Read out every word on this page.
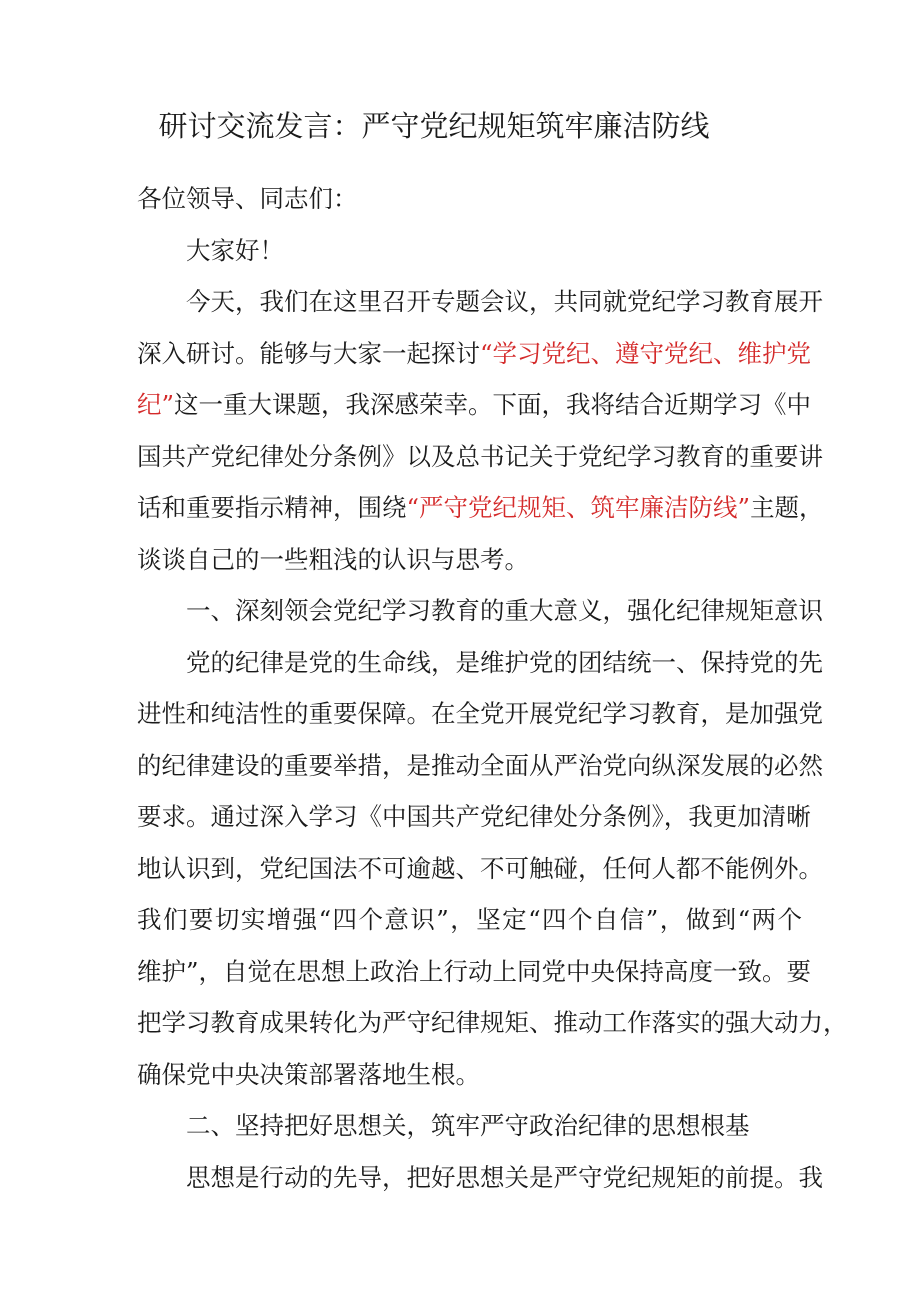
研讨交流发言：严守党纪规矩筑牢廉洁防线
各位领导、同志们：
大家好！
今天，我们在这里召开专题会议，共同就党纪学习教育展开
深入研讨。能够与大家一起探讨“学习党纪、遵守党纪、维护党
纪”这一重大课题，我深感荣幸。下面，我将结合近期学习《中
国共产党纪律处分条例》以及总书记关于党纪学习教育的重要讲
话和重要指示精神，围绕“严守党纪规矩、筑牢廉洁防线”主题，
谈谈自己的一些粗浅的认识与思考。
一、深刻领会党纪学习教育的重大意义，强化纪律规矩意识
党的纪律是党的生命线，是维护党的团结统一、保持党的先
进性和纯洁性的重要保障。在全党开展党纪学习教育，是加强党
的纪律建设的重要举措，是推动全面从严治党向纵深发展的必然
要求。通过深入学习《中国共产党纪律处分条例》，我更加清晰
地认识到，党纪国法不可逾越、不可触碰，任何人都不能例外。
我们要切实增强“四个意识”，坚定“四个自信”，做到“两个
维护”，自觉在思想上政治上行动上同党中央保持高度一致。要
把学习教育成果转化为严守纪律规矩、推动工作落实的强大动力，
确保党中央决策部署落地生根。
二、坚持把好思想关，筑牢严守政治纪律的思想根基
思想是行动的先导，把好思想关是严守党纪规矩的前提。我
